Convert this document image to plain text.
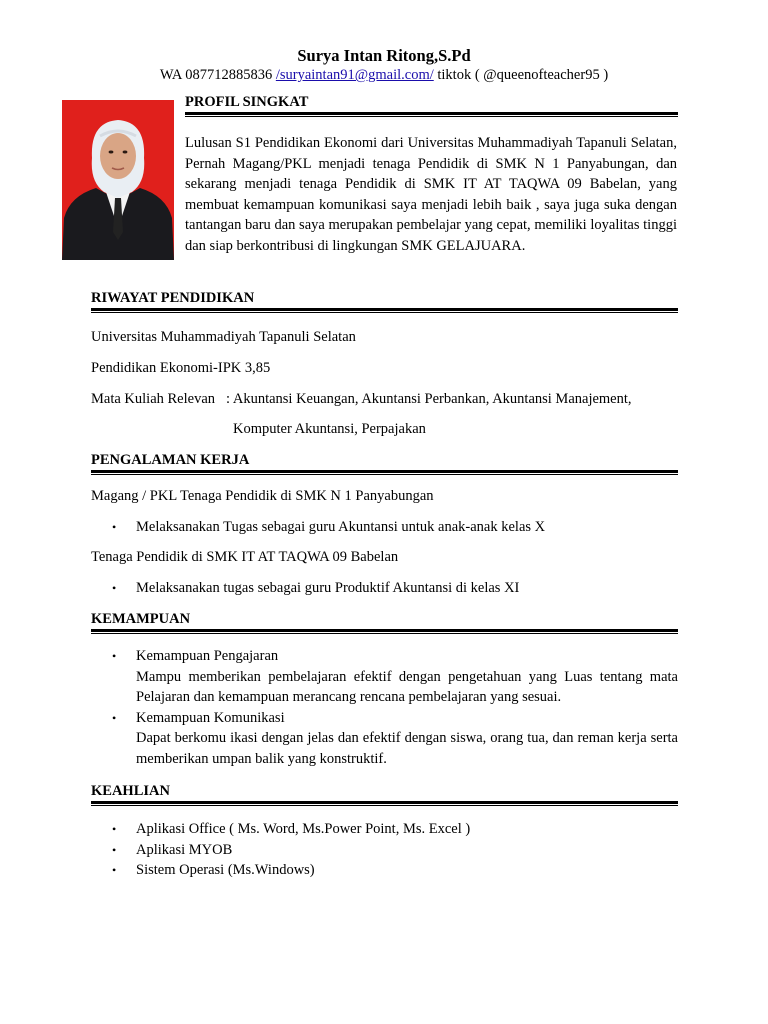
Surya Intan Ritong,S.Pd
WA 087712885836 /suryaintan91@gmail.com/ tiktok ( @queenofteacher95 )
PROFIL SINGKAT
Lulusan S1 Pendidikan Ekonomi dari Universitas Muhammadiyah Tapanuli Selatan, Pernah Magang/PKL menjadi tenaga Pendidik di SMK N 1 Panyabungan, dan sekarang menjadi tenaga Pendidik di SMK IT AT TAQWA 09 Babelan, yang membuat kemampuan komunikasi saya menjadi lebih baik , saya juga suka dengan tantangan baru dan saya merupakan pembelajar yang cepat, memiliki loyalitas tinggi dan siap berkontribusi di lingkungan SMK GELAJUARA.
RIWAYAT PENDIDIKAN
Universitas Muhammadiyah Tapanuli Selatan
Pendidikan Ekonomi-IPK 3,85
Mata Kuliah Relevan : Akuntansi Keuangan, Akuntansi Perbankan, Akuntansi Manajement,
Komputer Akuntansi, Perpajakan
PENGALAMAN KERJA
Magang / PKL Tenaga Pendidik di SMK N 1 Panyabungan
• Melaksanakan Tugas sebagai guru Akuntansi untuk anak-anak kelas X
Tenaga Pendidik di SMK IT AT TAQWA 09 Babelan
• Melaksanakan tugas sebagai guru Produktif Akuntansi di kelas XI
KEMAMPUAN
• Kemampuan Pengajaran
Mampu memberikan pembelajaran efektif dengan pengetahuan yang Luas tentang mata Pelajaran dan kemampuan merancang rencana pembelajaran yang sesuai.
• Kemampuan Komunikasi
Dapat berkomu ikasi dengan jelas dan efektif dengan siswa, orang tua, dan reman kerja serta memberikan umpan balik yang konstruktif.
KEAHLIAN
• Aplikasi Office ( Ms. Word, Ms.Power Point, Ms. Excel )
• Aplikasi MYOB
• Sistem Operasi (Ms.Windows)
